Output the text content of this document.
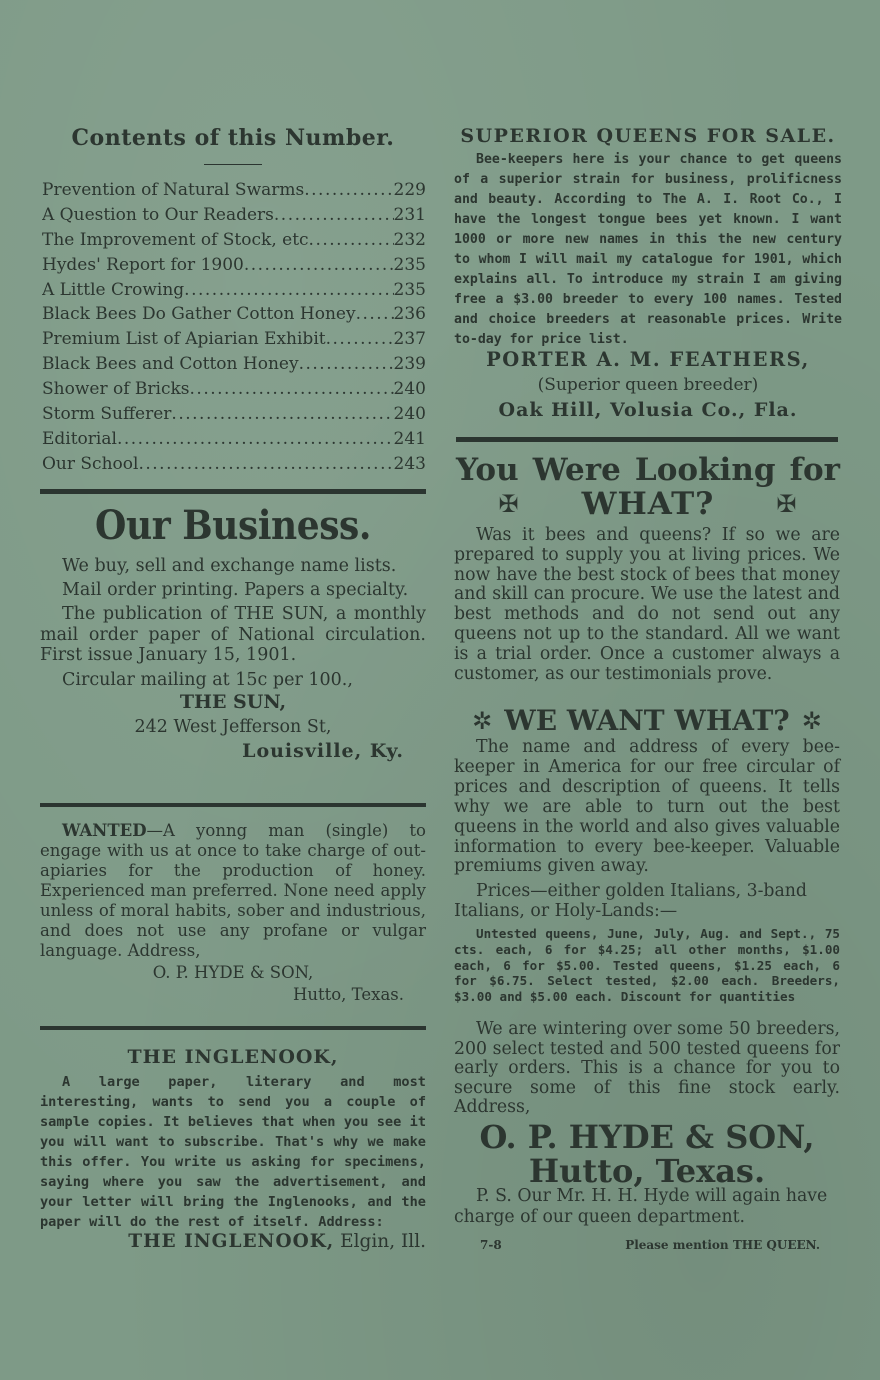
Contents of this Number.
Prevention of Natural Swarms .....	229
A Question to Our Readers .....	231
The Improvement of Stock, etc .....	232
Hydes' Report for 1900 .....	235
A Little Crowing .....	235
Black Bees Do Gather Cotton Honey ..... 236
Premium List of Apiarian Exhibit .....	237
Black Bees and Cotton Honey .....	239
Shower of Bricks .....	240
Storm Sufferer .....	240
Editorial .....	241
Our School .....	243
Our Business.

We buy, sell and exchange name lists.

Mail order printing. Papers a specialty.

The publication of THE SUN, a monthly mail order paper of National circulation. First issue January 15, 1901.

Circular mailing at 15c per 100.,

THE SUN,

242 West Jefferson St,

Louisville, Ky.

WANTED—A yonng man (single) to engage with us at once to take charge of out-apiaries for the production of honey. Experienced man preferred. None need apply unless of moral habits, sober and industrious, and does not use any profane or vulgar language. Address,

O. P. HYDE & SON,

Hutto, Texas.

THE INGLENOOK,

A large paper, literary and most interesting, wants to send you a couple of sample copies. It believes that when you see it you will want to subscribe. That's why we make this offer. You write us asking for specimens, saying where you saw the advertisement, and your letter will bring the Inglenooks, and the paper will do the rest of itself. Address:

THE INGLENOOK, Elgin, Ill.
SUPERIOR QUEENS FOR SALE.

Bee-keepers here is your chance to get queens of a superior strain for business, prolificness and beauty. According to The A. I. Root Co., I have the longest tongue bees yet known. I want 1000 or more new names in this the new century to whom I will mail my catalogue for 1901, which explains all. To introduce my strain I am giving free a $3.00 breeder to every 100 names. Tested and choice breeders at reasonable prices. Write to-day for price list.

PORTER A. M. FEATHERS,
(Superior queen breeder)
Oak Hill, Volusia Co., Fla.
You Were Looking for
✠ WHAT?	✠

Was it bees and queens? If so we are prepared to supply you at living prices. We now have the best stock of bees that money and skill can procure. We use the latest and best methods and do not send out any queens not up to the standard. All we want is a trial order. Once a customer always a customer, as our testimonials prove.

✲ WE WANT WHAT? ✲

The name and address of every bee-keeper in America for our free circular of prices and description of queens. It tells why we are able to turn out the best queens in the world and also gives valuable information to every bee-keeper. Valuable premiums given away.

Prices—either golden Italians, 3-band Italians, or Holy-Lands:—

Untested queens, June, July, Aug. and Sept., 75 cts. each, 6 for $4.25; all other months, $1.00 each, 6 for $5.00. Tested queens, $1.25 each, 6 for $6.75. Select tested, $2.00 each. Breeders, $3.00 and $5.00 each. Discount for quantities

We are wintering over some 50 breeders, 200 select tested and 500 tested queens for early orders. This is a chance for you to secure some of this fine stock early. Address,

O. P. HYDE & SON,
Hutto, Texas.

P. S. Our Mr. H. H. Hyde will again have charge of our queen department.

7-8	Please mention THE QUEEN.
